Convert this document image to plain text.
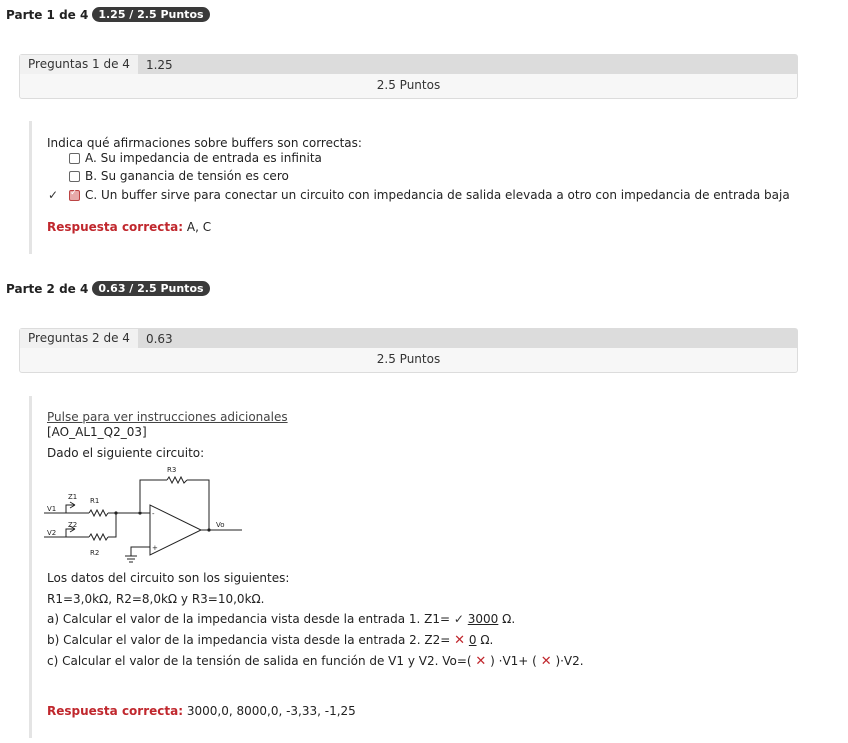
Parte 1 de 4 1.25 / 2.5 Puntos
Preguntas 1 de 4	1.25
2.5 Puntos
Indica qué afirmaciones sobre buffers son correctas:
A. Su impedancia de entrada es infinita
B. Su ganancia de tensión es cero
✓
✓ C. Un buffer sirve para conectar un circuito con impedancia de salida elevada a otro con impedancia de entrada baja
Respuesta correcta: A, C
Parte 2 de 4 0.63 / 2.5 Puntos
Preguntas 2 de 4	0.63
2.5 Puntos
Pulse para ver instrucciones adicionales
[AO_AL1_Q2_03]
Dado el siguiente circuito:
R3
Z1 R1
V1
Z2
V2
R2
Vo
-
+
Los datos del circuito son los siguientes:
R1=3,0kΩ, R2=8,0kΩ y R3=10,0kΩ.
a) Calcular el valor de la impedancia vista desde la entrada 1. Z1= ✓ 3000 Ω.
b) Calcular el valor de la impedancia vista desde la entrada 2. Z2= ✕ 0 Ω.
c) Calcular el valor de la tensión de salida en función de V1 y V2. Vo=( ✕ ) ·V1+ ( ✕ )·V2.
Respuesta correcta: 3000,0, 8000,0, -3,33, -1,25
